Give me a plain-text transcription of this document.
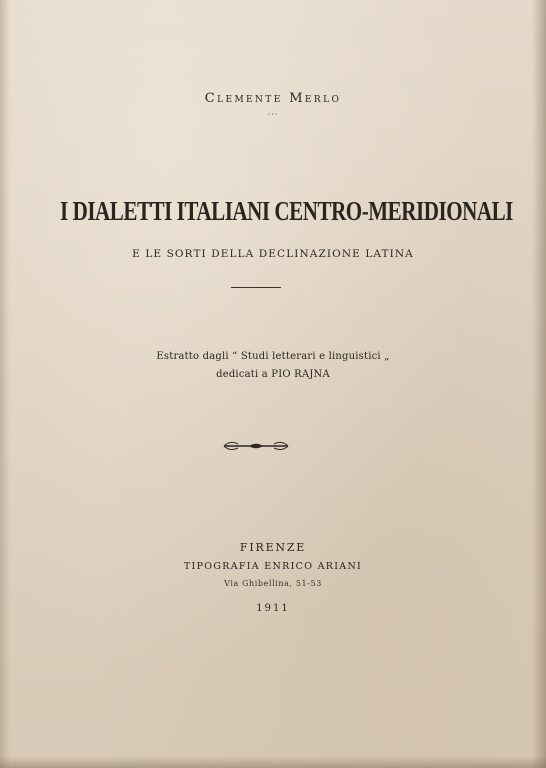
Clemente Merlo
···
I DIALETTI ITALIANI CENTRO-MERIDIONALI
E LE SORTI DELLA DECLINAZIONE LATINA
Estratto dagli “ Studi letterari e linguistici „
dedicati a PIO RAJNA
FIRENZE
TIPOGRAFIA ENRICO ARIANI
Via Ghibellina, 51-53
1911
